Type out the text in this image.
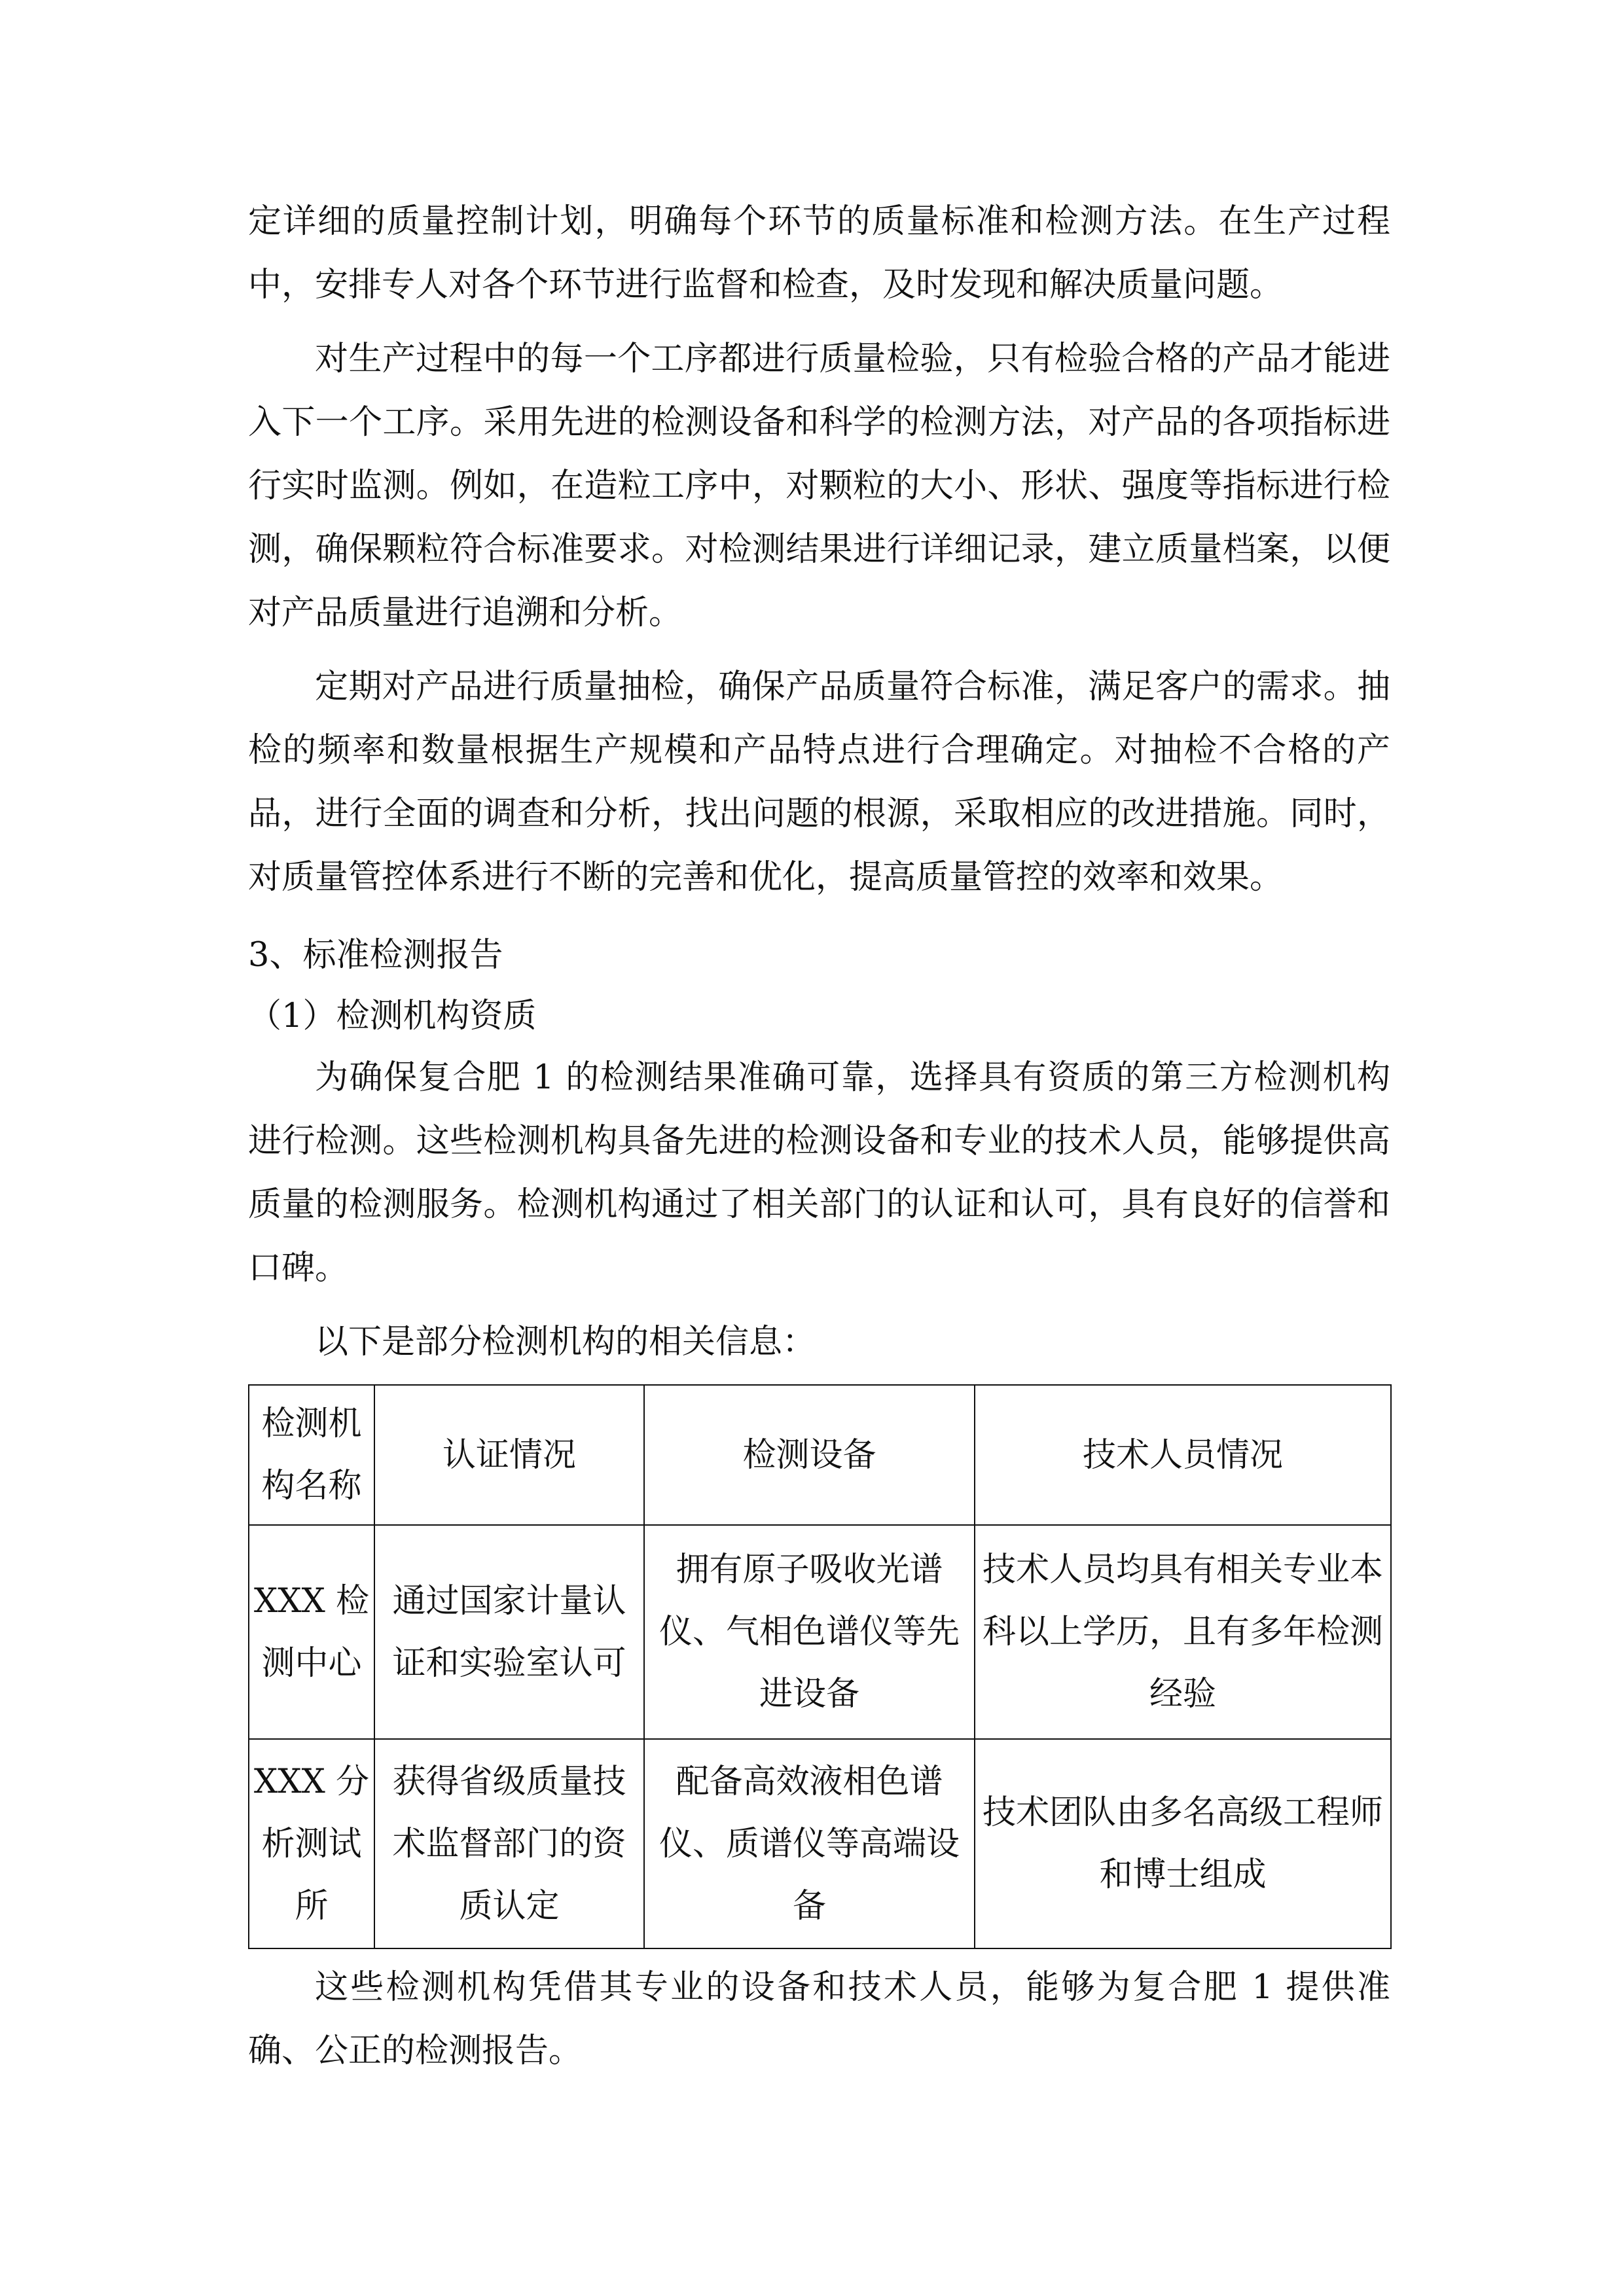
定详细的质量控制计划，明确每个环节的质量标准和检测方法。在生产过程中，安排专人对各个环节进行监督和检查，及时发现和解决质量问题。

对生产过程中的每一个工序都进行质量检验，只有检验合格的产品才能进入下一个工序。采用先进的检测设备和科学的检测方法，对产品的各项指标进行实时监测。例如，在造粒工序中，对颗粒的大小、形状、强度等指标进行检测，确保颗粒符合标准要求。对检测结果进行详细记录，建立质量档案，以便对产品质量进行追溯和分析。

定期对产品进行质量抽检，确保产品质量符合标准，满足客户的需求。抽检的频率和数量根据生产规模和产品特点进行合理确定。对抽检不合格的产品，进行全面的调查和分析，找出问题的根源，采取相应的改进措施。同时，对质量管控体系进行不断的完善和优化，提高质量管控的效率和效果。

3、标准检测报告

（1）检测机构资质

为确保复合肥 1 的检测结果准确可靠，选择具有资质的第三方检测机构进行检测。这些检测机构具备先进的检测设备和专业的技术人员，能够提供高质量的检测服务。检测机构通过了相关部门的认证和认可，具有良好的信誉和口碑。

以下是部分检测机构的相关信息：

检测机构名称	认证情况	检测设备	技术人员情况
XXX 检测中心	通过国家计量认证和实验室认可	拥有原子吸收光谱仪、气相色谱仪等先进设备	技术人员均具有相关专业本科以上学历，且有多年检测经验
XXX 分析测试所	获得省级质量技术监督部门的资质认定	配备高效液相色谱仪、质谱仪等高端设备	技术团队由多名高级工程师和博士组成

这些检测机构凭借其专业的设备和技术人员，能够为复合肥 1 提供准确、公正的检测报告。
